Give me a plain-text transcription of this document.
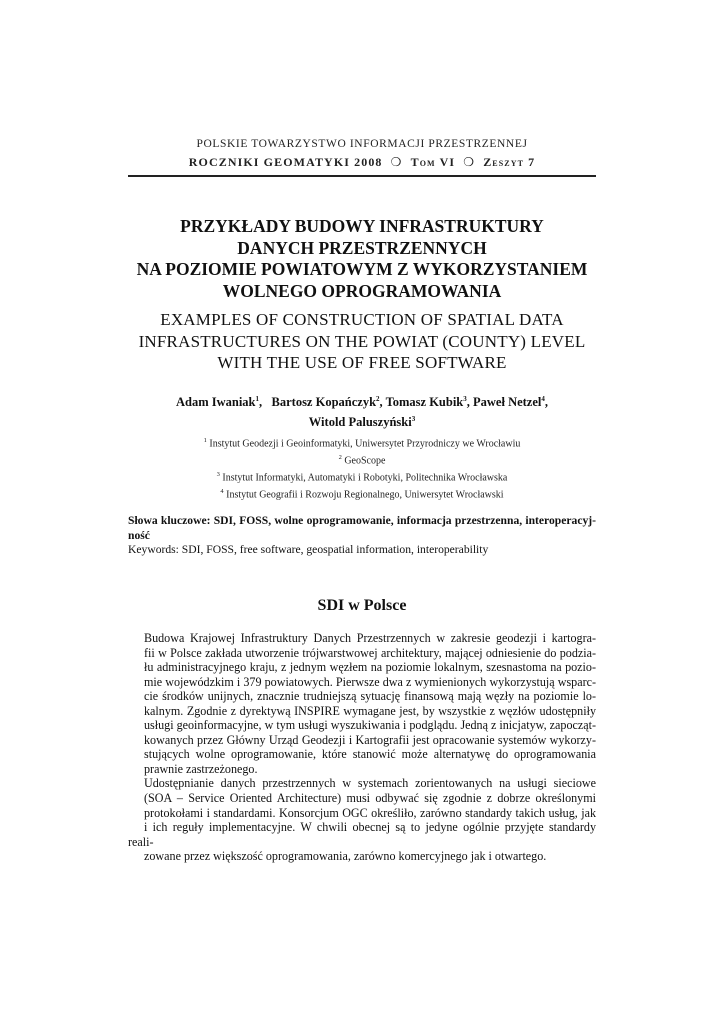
POLSKIE TOWARZYSTWO INFORMACJI PRZESTRZENNEJ
ROCZNIKI GEOMATYKI 2008 ❍ Tom VI ❍ Zeszyt 7
PRZYKŁADY BUDOWY INFRASTRUKTURY
DANYCH PRZESTRZENNYCH
NA POZIOMIE POWIATOWYM Z WYKORZYSTANIEM
WOLNEGO OPROGRAMOWANIA
EXAMPLES OF CONSTRUCTION OF SPATIAL DATA
INFRASTRUCTURES ON THE POWIAT (COUNTY) LEVEL
WITH THE USE OF FREE SOFTWARE
Adam Iwaniak$^1$,   Bartosz Kopańczyk$^2$, Tomasz Kubik$^3$, Paweł Netzel$^4$,
Witold Paluszyński$^3$
$^1$ Instytut Geodezji i Geoinformatyki, Uniwersytet Przyrodniczy we Wrocławiu
$^2$ GeoScope
$^3$ Instytut Informatyki, Automatyki i Robotyki, Politechnika Wrocławska
$^4$ Instytut Geografii i Rozwoju Regionalnego, Uniwersytet Wrocławski
Słowa kluczowe: SDI, FOSS, wolne oprogramowanie, informacja przestrzenna, interoperacyj-ność
Keywords: SDI, FOSS, free software, geospatial information, interoperability
SDI w Polsce

Budowa Krajowej Infrastruktury Danych Przestrzennych w zakresie geodezji i kartogra-
fii w Polsce zakłada utworzenie trójwarstwowej architektury, mającej odniesienie do podzia-
łu administracyjnego kraju, z jednym węzłem na poziomie lokalnym, szesnastoma na pozio-
mie wojewódzkim i 379 powiatowych. Pierwsze dwa z wymienionych wykorzystują wsparc-
cie środków unijnych, znacznie trudniejszą sytuację finansową mają węzły na poziomie lo-
kalnym. Zgodnie z dyrektywą INSPIRE wymagane jest, by wszystkie z węzłów udostępniły
usługi geoinformacyjne, w tym usługi wyszukiwania i podglądu. Jedną z inicjatyw, zapocząt-
kowanych przez Główny Urząd Geodezji i Kartografii jest opracowanie systemów wykorzy-
stujących wolne oprogramowanie, które stanowić może alternatywę do oprogramowania
prawnie zastrzeżonego.

Udostępnianie danych przestrzennych w systemach zorientowanych na usługi sieciowe
(SOA – Service Oriented Architecture) musi odbywać się zgodnie z dobrze określonymi
protokołami i standardami. Konsorcjum OGC określiło, zarówno standardy takich usług, jak
i ich reguły implementacyjne. W chwili obecnej są to jedyne ogólnie przyjęte standardy reali-
zowane przez większość oprogramowania, zarówno komercyjnego jak i otwartego.
